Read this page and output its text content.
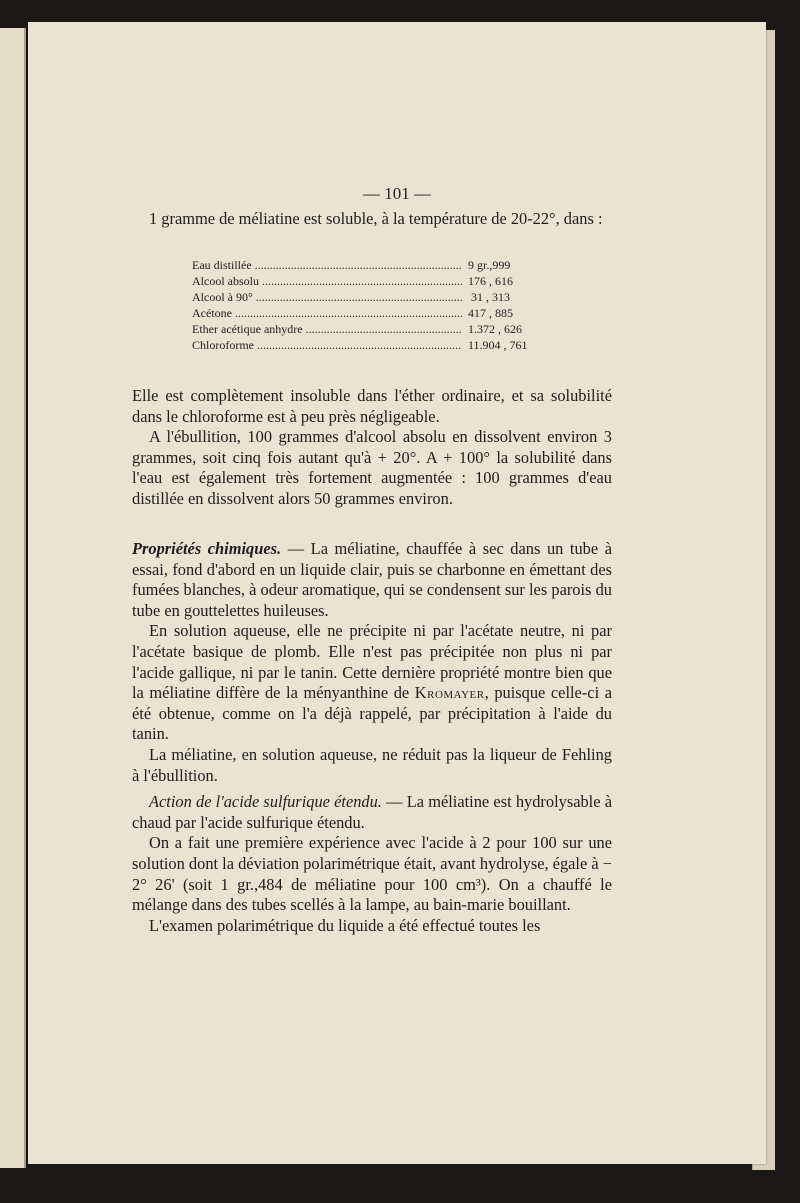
— 101 —

1 gramme de méliatine est soluble, à la température de 20-22°, dans :

Eau distillée .....	9 gr.,999
Alcool absolu .....	176 , 616
Alcool à 90° .....	31 , 313
Acétone .....	417 , 885
Ether acétique anhydre .....	1.372 , 626
Chloroforme .....	11.904 , 761

Elle est complètement insoluble dans l'éther ordinaire, et sa solubilité dans le chloroforme est à peu près négligeable.

A l'ébullition, 100 grammes d'alcool absolu en dissolvent environ 3 grammes, soit cinq fois autant qu'à + 20°. A + 100° la solubilité dans l'eau est également très fortement augmentée : 100 grammes d'eau distillée en dissolvent alors 50 grammes environ.

Propriétés chimiques. — La méliatine, chauffée à sec dans un tube à essai, fond d'abord en un liquide clair, puis se charbonne en émettant des fumées blanches, à odeur aromatique, qui se condensent sur les parois du tube en gouttelettes huileuses.

En solution aqueuse, elle ne précipite ni par l'acétate neutre, ni par l'acétate basique de plomb. Elle n'est pas précipitée non plus ni par l'acide gallique, ni par le tanin. Cette dernière propriété montre bien que la méliatine diffère de la ményanthine de Kromayer, puisque celle-ci a été obtenue, comme on l'a déjà rappelé, par précipitation à l'aide du tanin.

La méliatine, en solution aqueuse, ne réduit pas la liqueur de Fehling à l'ébullition.

Action de l'acide sulfurique étendu. — La méliatine est hydrolysable à chaud par l'acide sulfurique étendu.

On a fait une première expérience avec l'acide à 2 pour 100 sur une solution dont la déviation polarimétrique était, avant hydrolyse, égale à − 2° 26' (soit 1 gr.,484 de méliatine pour 100 cm³). On a chauffé le mélange dans des tubes scellés à la lampe, au bain-marie bouillant.

L'examen polarimétrique du liquide a été effectué toutes les
